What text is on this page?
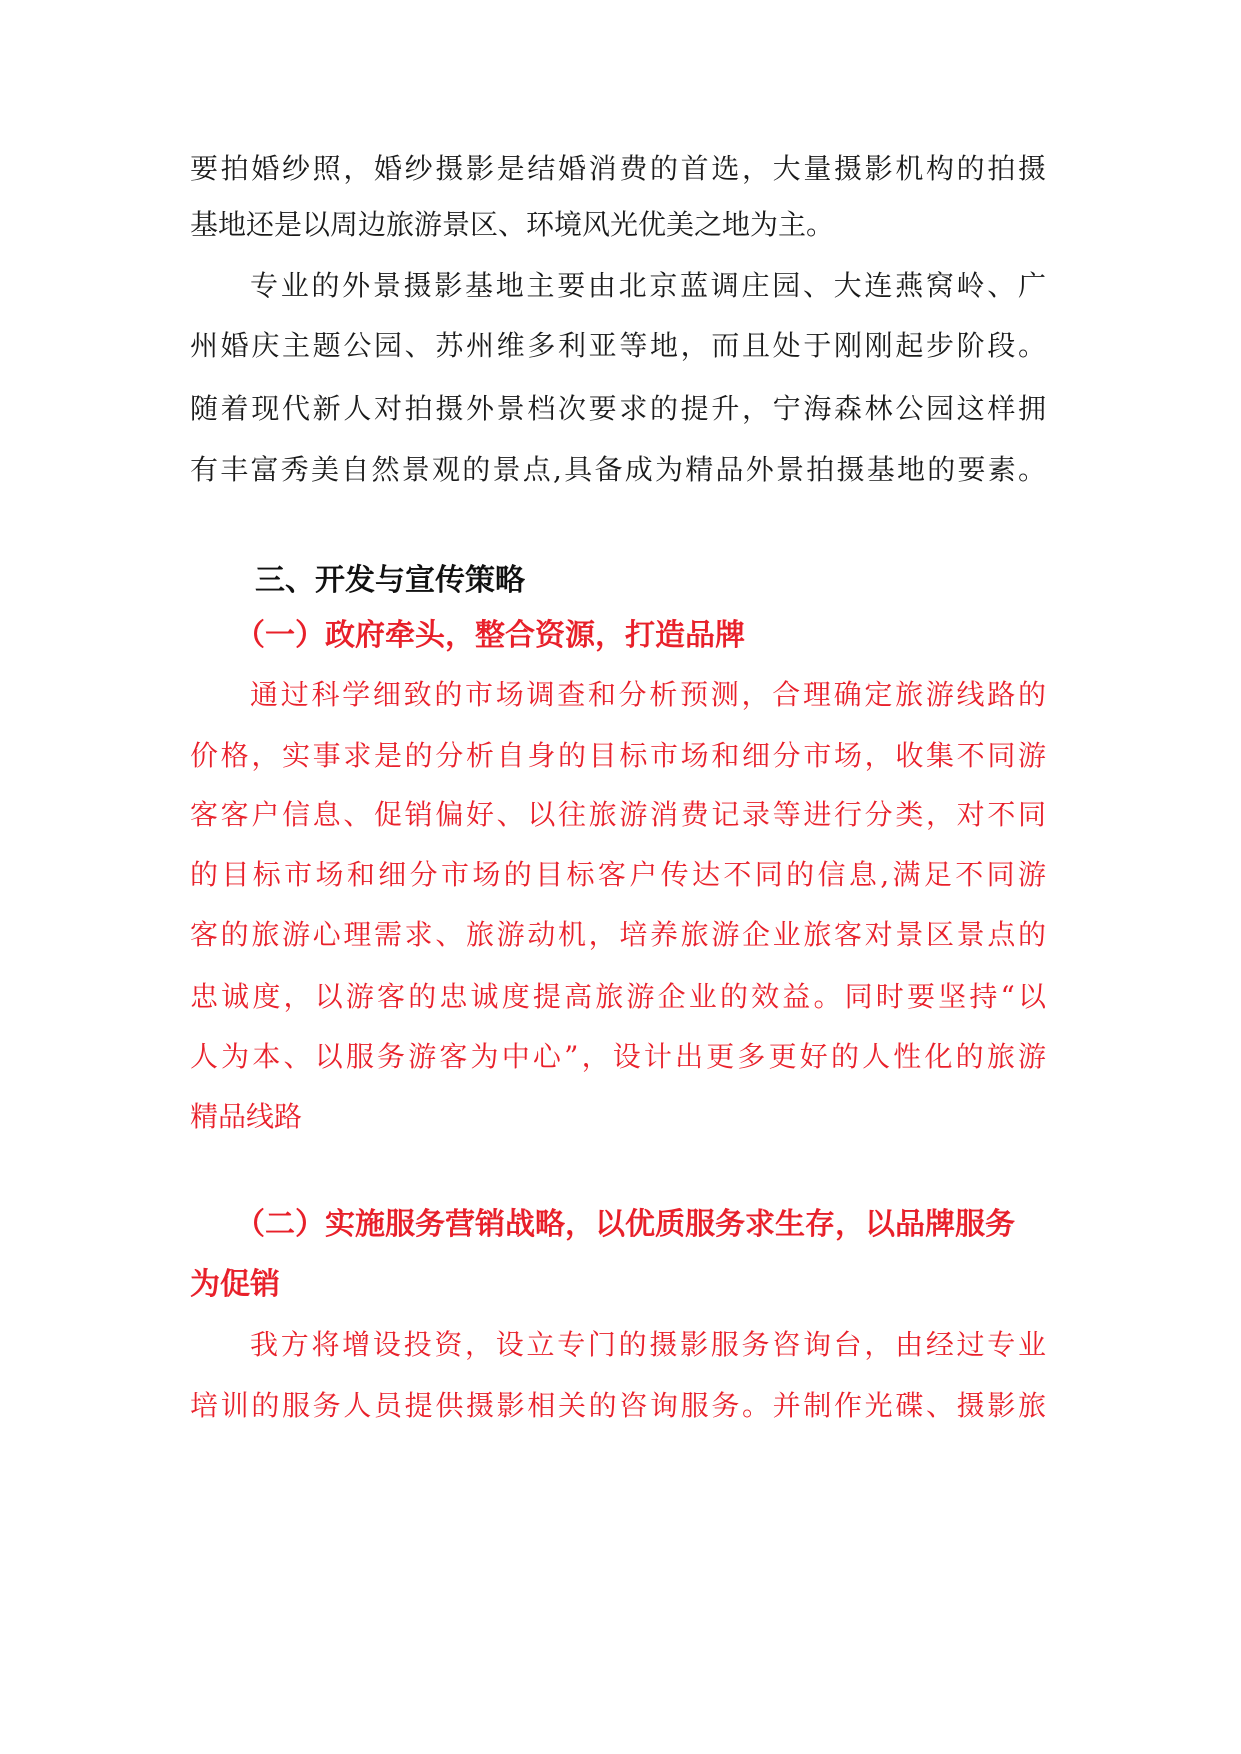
要拍婚纱照，婚纱摄影是结婚消费的首选，大量摄影机构的拍摄
基地还是以周边旅游景区、环境风光优美之地为主。
专业的外景摄影基地主要由北京蓝调庄园、大连燕窝岭、广
州婚庆主题公园、苏州维多利亚等地，而且处于刚刚起步阶段。
随着现代新人对拍摄外景档次要求的提升，宁海森林公园这样拥
有丰富秀美自然景观的景点,具备成为精品外景拍摄基地的要素。
三、开发与宣传策略
（一）政府牵头，整合资源，打造品牌
通过科学细致的市场调查和分析预测，合理确定旅游线路的
价格，实事求是的分析自身的目标市场和细分市场，收集不同游
客客户信息、促销偏好、以往旅游消费记录等进行分类，对不同
的目标市场和细分市场的目标客户传达不同的信息,满足不同游
客的旅游心理需求、旅游动机，培养旅游企业旅客对景区景点的
忠诚度，以游客的忠诚度提高旅游企业的效益。同时要坚持“以
人为本、以服务游客为中心”，设计出更多更好的人性化的旅游
精品线路
（二）实施服务营销战略，以优质服务求生存，以品牌服务
为促销
我方将增设投资，设立专门的摄影服务咨询台，由经过专业
培训的服务人员提供摄影相关的咨询服务。并制作光碟、摄影旅
